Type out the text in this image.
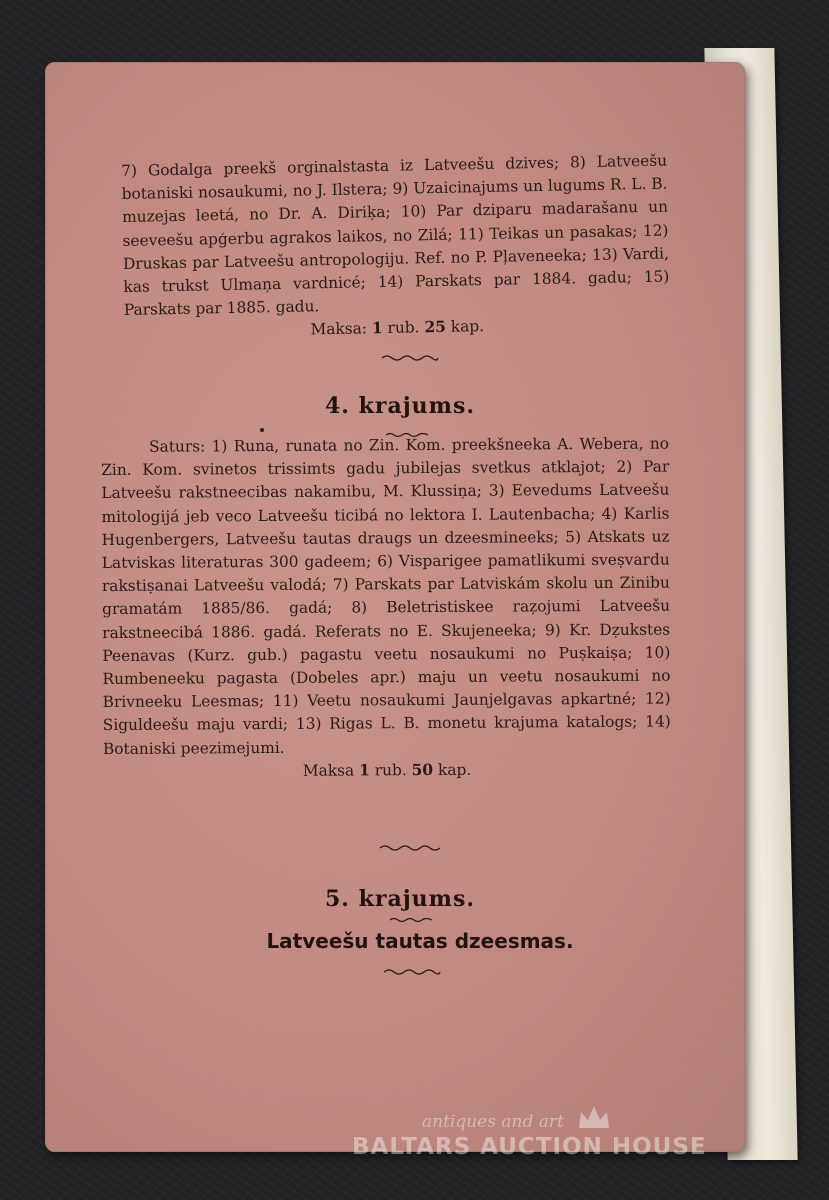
7) Godalga preekš orginalstasta iz Latveešu dzives; 8) Latveešu botaniski nosaukumi, no J. Ilstera; 9) Uzaicinajums un lugums R. L. B. muzejas leetá, no Dr. A. Diriķa; 10) Par dziparu madarašanu un seeveešu apģerbu agrakos laikos, no Zilá; 11) Teikas un pasakas; 12) Druskas par Latveešu antropologiju. Ref. no P. Pļaveneeka; 13) Vardi, kas trukst Ulmaņa vardnicé; 14) Parskats par 1884. gadu; 15) Parskats par 1885. gadu.

Maksa: 1 rub. 25 kap.
4. krajums.

Saturs: 1) Runa, runata no Zin. Kom. preekšneeka A. Webera, no Zin. Kom. svinetos trissimts gadu jubilejas svetkus atklajot; 2) Par Latveešu rakstneecibas nakamibu, M. Klussiņa; 3) Eevedums Latveešu mitologijá jeb veco Latveešu ticibá no lektora I. Lautenbacha; 4) Karlis Hugenbergers, Latveešu tautas draugs un dzeesmineeks; 5) Atskats uz Latviskas literaturas 300 gadeem; 6) Visparigee pamatlikumi sveṣvardu rakstiṣanai Latveešu valodá; 7) Parskats par Latviskám skolu un Zinibu gramatám 1885/86. gadá; 8) Beletristiskee raẓojumi Latveešu rakstneecibá 1886. gadá. Referats no E. Skujeneeka; 9) Kr. Dẓukstes Peenavas (Kurz. gub.) pagastu veetu nosaukumi no Puṣkaiṣa; 10) Rumbeneeku pagasta (Dobeles apr.) maju un veetu nosaukumi no Brivneeku Leesmas; 11) Veetu nosaukumi Jaunjelgavas apkartné; 12) Siguldeešu maju vardi; 13) Rigas L. B. monetu krajuma katalogs; 14) Botaniski peezimejumi.

Maksa 1 rub. 50 kap.
5. krajums.
Latveešu tautas dzeesmas.
antiques and art
BALTARS AUCTION HOUSE
